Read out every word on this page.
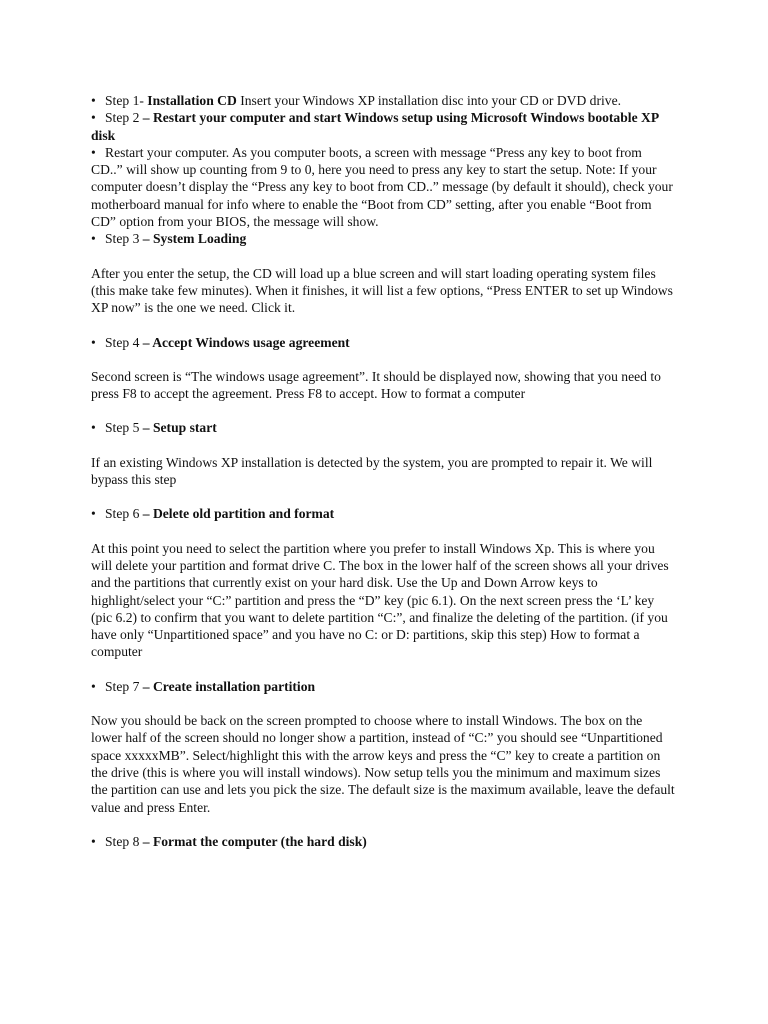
• Step 1- Installation CD Insert your Windows XP installation disc into your CD or DVD drive.
• Step 2 – Restart your computer and start Windows setup using Microsoft Windows bootable XP disk
• Restart your computer. As you computer boots, a screen with message “Press any key to boot from CD..” will show up counting from 9 to 0, here you need to press any key to start the setup. Note: If your computer doesn’t display the “Press any key to boot from CD..” message (by default it should), check your motherboard manual for info where to enable the “Boot from CD” setting, after you enable “Boot from CD” option from your BIOS, the message will show.
• Step 3 – System Loading

After you enter the setup, the CD will load up a blue screen and will start loading operating system files (this make take few minutes). When it finishes, it will list a few options, “Press ENTER to set up Windows XP now” is the one we need. Click it.

• Step 4 – Accept Windows usage agreement

Second screen is “The windows usage agreement”. It should be displayed now, showing that you need to press F8 to accept the agreement. Press F8 to accept. How to format a computer

• Step 5 – Setup start

If an existing Windows XP installation is detected by the system, you are prompted to repair it. We will bypass this step

• Step 6 – Delete old partition and format

At this point you need to select the partition where you prefer to install Windows Xp. This is where you will delete your partition and format drive C. The box in the lower half of the screen shows all your drives and the partitions that currently exist on your hard disk. Use the Up and Down Arrow keys to highlight/select your “C:” partition and press the “D” key (pic 6.1). On the next screen press the ‘L’ key (pic 6.2) to confirm that you want to delete partition “C:”, and finalize the deleting of the partition. (if you have only “Unpartitioned space” and you have no C: or D: partitions, skip this step) How to format a computer

• Step 7 – Create installation partition

Now you should be back on the screen prompted to choose where to install Windows. The box on the lower half of the screen should no longer show a partition, instead of “C:” you should see “Unpartitioned space xxxxxMB”. Select/highlight this with the arrow keys and press the “C” key to create a partition on the drive (this is where you will install windows). Now setup tells you the minimum and maximum sizes the partition can use and lets you pick the size. The default size is the maximum available, leave the default value and press Enter.

• Step 8 – Format the computer (the hard disk)
